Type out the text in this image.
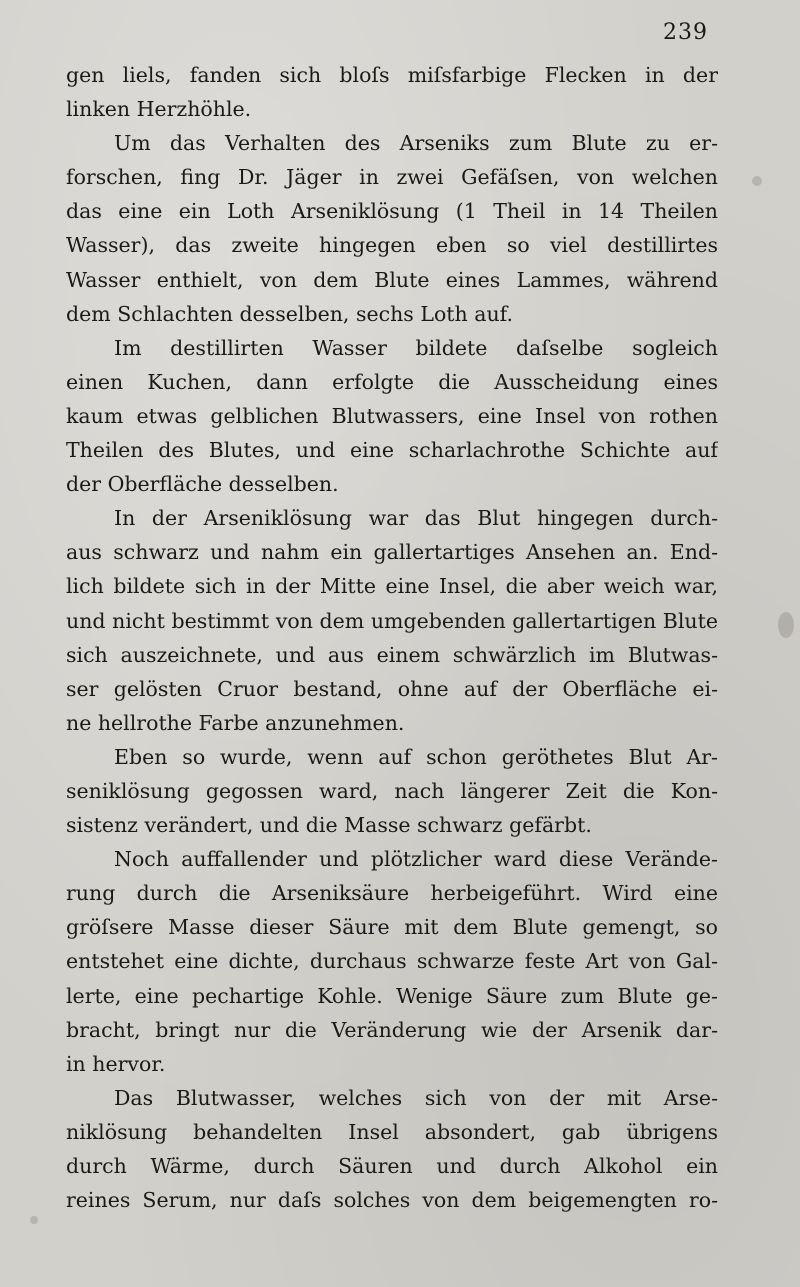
239
gen liels, fanden sich bloſs miſsfarbige Flecken in der
linken Herzhöhle.
Um das Verhalten des Arseniks zum Blute zu er-
forschen, fing Dr. Jäger in zwei Gefäſsen, von welchen
das eine ein Loth Arseniklösung (1 Theil in 14 Theilen
Wasser), das zweite hingegen eben so viel destillirtes
Wasser enthielt, von dem Blute eines Lammes, während
dem Schlachten desselben, sechs Loth auf.
Im destillirten Wasser bildete daſselbe sogleich
einen Kuchen, dann erfolgte die Ausscheidung eines
kaum etwas gelblichen Blutwassers, eine Insel von rothen
Theilen des Blutes, und eine scharlachrothe Schichte auf
der Oberfläche desselben.
In der Arseniklösung war das Blut hingegen durch-
aus schwarz und nahm ein gallertartiges Ansehen an. End-
lich bildete sich in der Mitte eine Insel, die aber weich war,
und nicht bestimmt von dem umgebenden gallertartigen Blute
sich auszeichnete, und aus einem schwärzlich im Blutwas-
ser gelösten Cruor bestand, ohne auf der Oberfläche ei-
ne hellrothe Farbe anzunehmen.
Eben so wurde, wenn auf schon geröthetes Blut Ar-
seniklösung gegossen ward, nach längerer Zeit die Kon-
sistenz verändert, und die Masse schwarz gefärbt.
Noch auffallender und plötzlicher ward diese Verände-
rung durch die Arseniksäure herbeigeführt. Wird eine
gröſsere Masse dieser Säure mit dem Blute gemengt, so
entstehet eine dichte, durchaus schwarze feste Art von Gal-
lerte, eine pechartige Kohle. Wenige Säure zum Blute ge-
bracht, bringt nur die Veränderung wie der Arsenik dar-
in hervor.
Das Blutwasser, welches sich von der mit Arse-
niklösung behandelten Insel absondert, gab übrigens
durch Wärme, durch Säuren und durch Alkohol ein
reines Serum, nur daſs solches von dem beigemengten ro-
